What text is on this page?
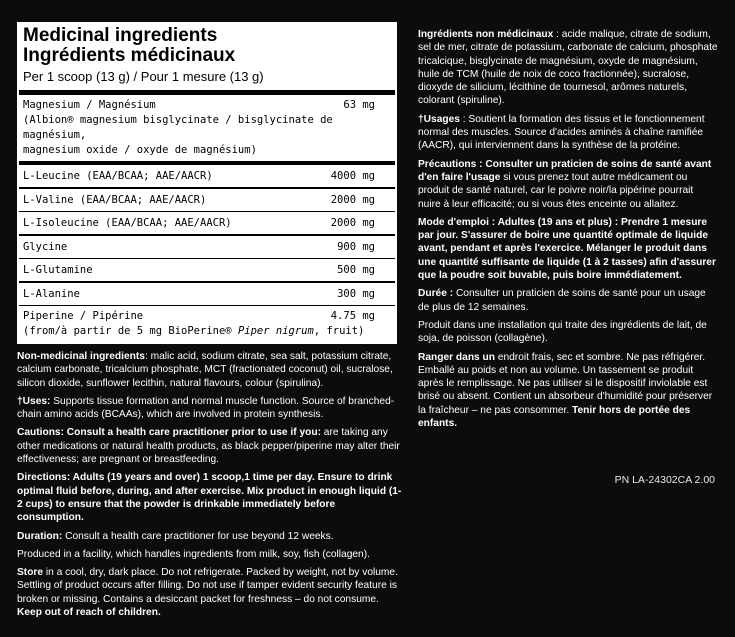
Medicinal ingredients
Ingrédients médicinaux
Per 1 scoop (13 g) / Pour 1 mesure (13 g)
Magnesium / Magnésium	63 mg
(Albion® magnesium bisglycinate / bisglycinate de magnésium,
magnesium oxide / oxyde de magnésium)
L-Leucine (EAA/BCAA; AAE/AACR)	4000 mg
L-Valine (EAA/BCAA; AAE/AACR)	2000 mg
L-Isoleucine (EAA/BCAA; AAE/AACR)	2000 mg
Glycine	900 mg
L-Glutamine	500 mg
L-Alanine	300 mg
Piperine / Pipérine	4.75 mg
(from/à partir de 5 mg BioPerine® Piper nigrum, fruit)

Non-medicinal ingredients: malic acid, sodium citrate, sea salt, potassium citrate, calcium carbonate, tricalcium phosphate, MCT (fractionated coconut) oil, sucralose, silicon dioxide, sunflower lecithin, natural flavours, colour (spirulina).

†Uses: Supports tissue formation and normal muscle function. Source of branched-chain amino acids (BCAAs), which are involved in protein synthesis.

Cautions: Consult a health care practitioner prior to use if you: are taking any other medications or natural health products, as black pepper/piperine may alter their effectiveness; are pregnant or breastfeeding.

Directions: Adults (19 years and over) 1 scoop,1 time per day. Ensure to drink optimal fluid before, during, and after exercise. Mix product in enough liquid (1-2 cups) to ensure that the powder is drinkable immediately before consumption.

Duration: Consult a health care practitioner for use beyond 12 weeks.

Produced in a facility, which handles ingredients from milk, soy, fish (collagen).

Store in a cool, dry, dark place. Do not refrigerate. Packed by weight, not by volume. Settling of product occurs after filling. Do not use if tamper evident security feature is broken or missing. Contains a desiccant packet for freshness – do not consume.
Keep out of reach of children.

Ingrédients non médicinaux : acide malique, citrate de sodium, sel de mer, citrate de potassium, carbonate de calcium, phosphate tricalcique, bisglycinate de magnésium, oxyde de magnésium, huile de TCM (huile de noix de coco fractionnée), sucralose, dioxyde de silicium, lécithine de tournesol, arômes naturels, colorant (spiruline).

†Usages : Soutient la formation des tissus et le fonctionnement normal des muscles. Source d'acides aminés à chaîne ramifiée (AACR), qui interviennent dans la synthèse de la protéine.

Précautions : Consulter un praticien de soins de santé avant d'en faire l'usage si vous prenez tout autre médicament ou produit de santé naturel, car le poivre noir/la pipérine pourrait nuire à leur efficacité; ou si vous êtes enceinte ou allaitez.

Mode d'emploi : Adultes (19 ans et plus) : Prendre 1 mesure par jour. S'assurer de boire une quantité optimale de liquide avant, pendant et après l'exercice. Mélanger le produit dans une quantité suffisante de liquide (1 à 2 tasses) afin d'assurer que la poudre soit buvable, puis boire immédiatement.

Durée : Consulter un praticien de soins de santé pour un usage de plus de 12 semaines.

Produit dans une installation qui traite des ingrédients de lait, de soja, de poisson (collagène).

Ranger dans un endroit frais, sec et sombre. Ne pas réfrigérer. Emballé au poids et non au volume. Un tassement se produit après le remplissage. Ne pas utiliser si le dispositif inviolable est brisé ou absent. Contient un absorbeur d'humidité pour préserver la fraîcheur – ne pas consommer. Tenir hors de portée des enfants.

PN LA-24302CA 2.00
